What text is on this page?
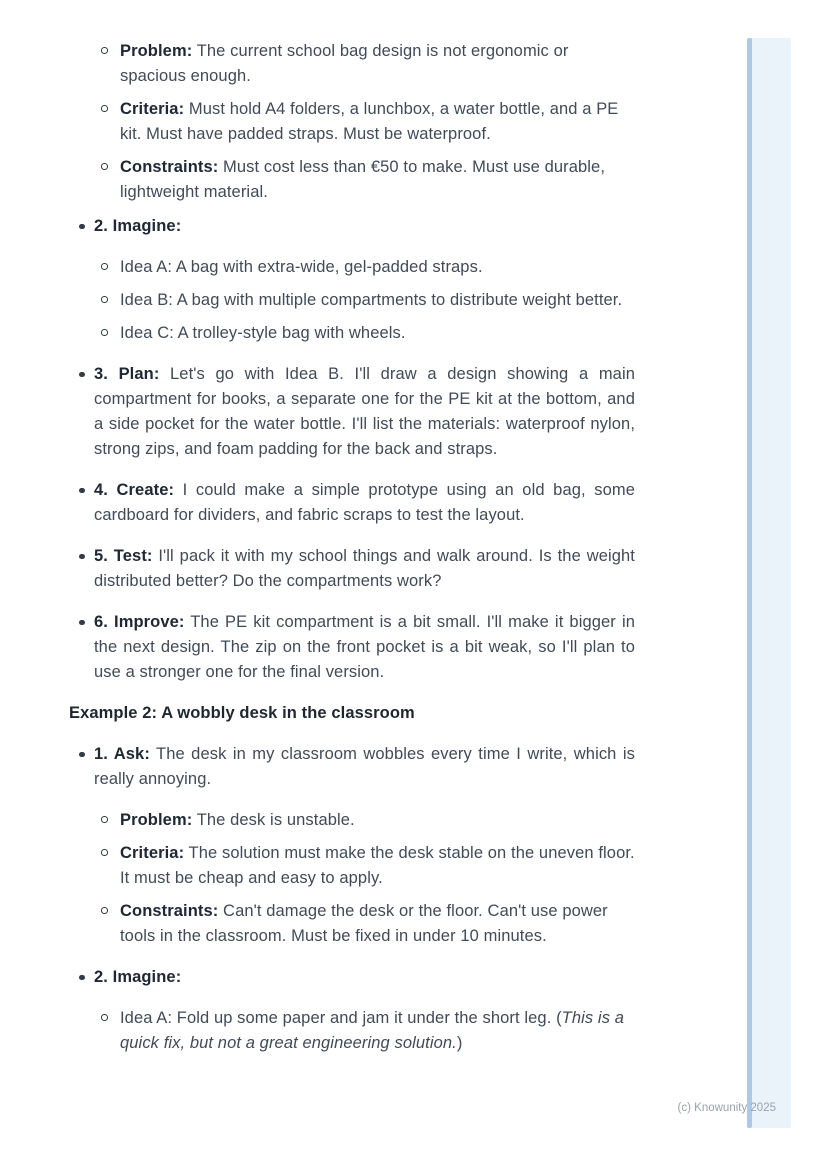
(c) Knowunity 2025
Problem: The current school bag design is not ergonomic or spacious enough.
Criteria: Must hold A4 folders, a lunchbox, a water bottle, and a PE kit. Must have padded straps. Must be waterproof.
Constraints: Must cost less than €50 to make. Must use durable, lightweight material.
2. Imagine:
Idea A: A bag with extra-wide, gel-padded straps.
Idea B: A bag with multiple compartments to distribute weight better.
Idea C: A trolley-style bag with wheels.
3. Plan: Let's go with Idea B. I'll draw a design showing a main compartment for books, a separate one for the PE kit at the bottom, and a side pocket for the water bottle. I'll list the materials: waterproof nylon, strong zips, and foam padding for the back and straps.
4. Create: I could make a simple prototype using an old bag, some cardboard for dividers, and fabric scraps to test the layout.
5. Test: I'll pack it with my school things and walk around. Is the weight distributed better? Do the compartments work?
6. Improve: The PE kit compartment is a bit small. I'll make it bigger in the next design. The zip on the front pocket is a bit weak, so I'll plan to use a stronger one for the final version.
Example 2: A wobbly desk in the classroom
1. Ask: The desk in my classroom wobbles every time I write, which is really annoying.
Problem: The desk is unstable.
Criteria: The solution must make the desk stable on the uneven floor. It must be cheap and easy to apply.
Constraints: Can't damage the desk or the floor. Can't use power tools in the classroom. Must be fixed in under 10 minutes.
2. Imagine:
Idea A: Fold up some paper and jam it under the short leg. (This is a quick fix, but not a great engineering solution.)
